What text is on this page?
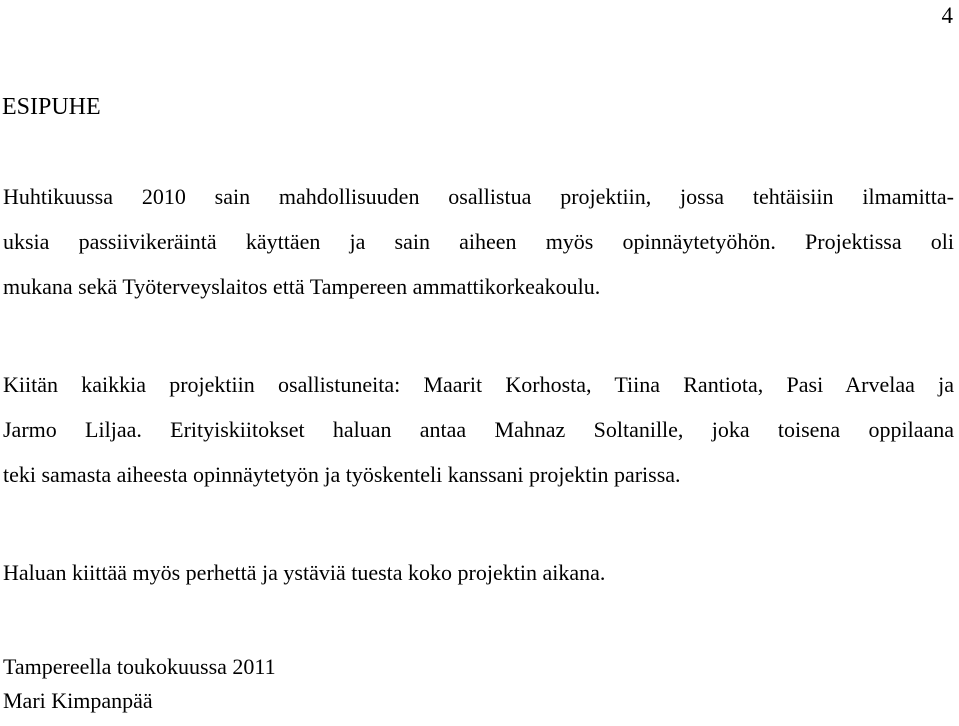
4
ESIPUHE

Huhtikuussa 2010 sain mahdollisuuden osallistua projektiin, jossa tehtäisiin ilmamitta-
uksia passiivikeräintä käyttäen ja sain aiheen myös opinnäytetyöhön. Projektissa oli
mukana sekä Työterveyslaitos että Tampereen ammattikorkeakoulu.

Kiitän kaikkia projektiin osallistuneita: Maarit Korhosta, Tiina Rantiota, Pasi Arvelaa ja
Jarmo Liljaa. Erityiskiitokset haluan antaa Mahnaz Soltanille, joka toisena oppilaana
teki samasta aiheesta opinnäytetyön ja työskenteli kanssani projektin parissa.

Haluan kiittää myös perhettä ja ystäviä tuesta koko projektin aikana.

Tampereella toukokuussa 2011
Mari Kimpanpää
